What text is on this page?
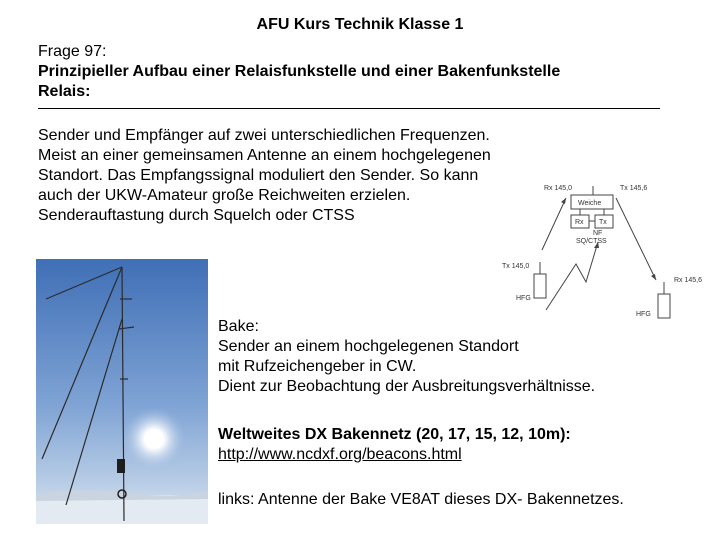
AFU Kurs Technik Klasse 1
Frage 97:
Prinzipieller Aufbau einer Relaisfunkstelle und einer Bakenfunkstelle
Relais:
Sender und Empfänger auf zwei unterschiedlichen Frequenzen.
Meist an einer gemeinsamen Antenne an einem hochgelegenen
Standort. Das Empfangssignal moduliert den Sender. So kann
auch der UKW-Amateur große Reichweiten erzielen.
Senderauftastung durch Squelch oder CTSS
Rx 145,0	Tx 145,6
Weiche
Rx Tx
NF
SQ/CTSS
Tx 145,0
Rx 145,6
HFG
HFG
Bake:
Sender an einem hochgelegenen Standort
mit Rufzeichengeber in CW.
Dient zur Beobachtung der Ausbreitungsverhältnisse.
Weltweites DX Bakennetz (20, 17, 15, 12, 10m):
http://www.ncdxf.org/beacons.html
links: Antenne der Bake VE8AT dieses DX- Bakennetzes.
